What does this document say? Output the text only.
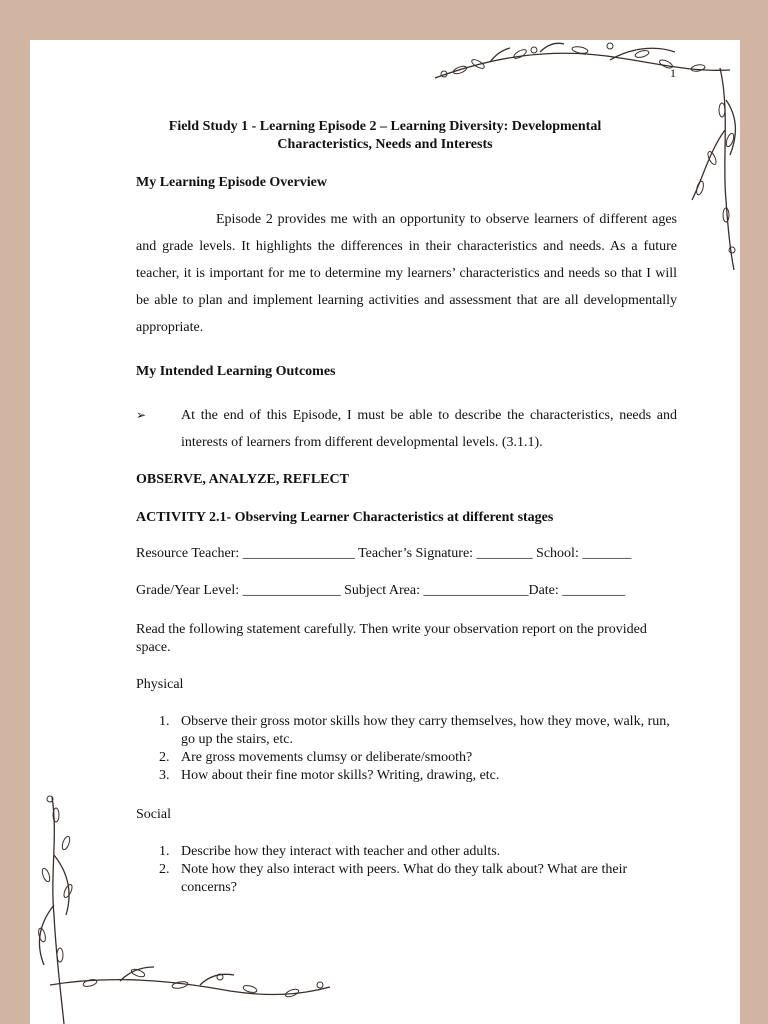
1
Field Study 1 - Learning Episode 2 – Learning Diversity: Developmental
Characteristics, Needs and Interests
My Learning Episode Overview

Episode 2 provides me with an opportunity to observe learners of different ages and grade levels. It highlights the differences in their characteristics and needs. As a future teacher, it is important for me to determine my learners’ characteristics and needs so that I will be able to plan and implement learning activities and assessment that are all developmentally appropriate.

My Intended Learning Outcomes
➢ At the end of this Episode, I must be able to describe the characteristics, needs and interests of learners from different developmental levels. (3.1.1).
OBSERVE, ANALYZE, REFLECT
ACTIVITY 2.1- Observing Learner Characteristics at different stages
Resource Teacher: ________________ Teacher’s Signature: ________ School: _______
Grade/Year Level: ______________ Subject Area: _______________Date: _________
Read the following statement carefully. Then write your observation report on the provided space.
Physical
1. Observe their gross motor skills how they carry themselves, how they move, walk, run, go up the stairs, etc.
2. Are gross movements clumsy or deliberate/smooth?
3. How about their fine motor skills? Writing, drawing, etc.
Social
1. Describe how they interact with teacher and other adults.
2. Note how they also interact with peers. What do they talk about? What are their concerns?
